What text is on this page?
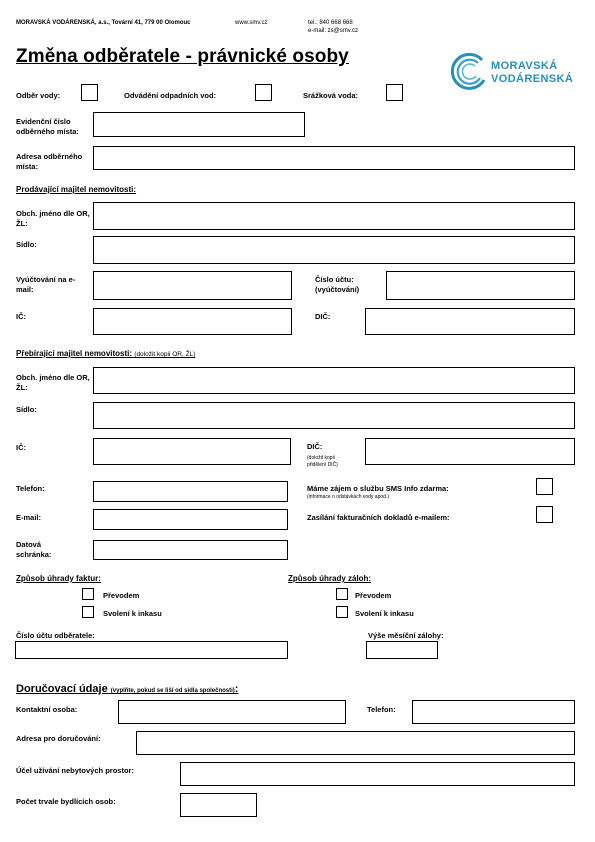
MORAVSKÁ VODÁRENSKÁ, a.s., Tovární 41, 779 00 Olomouc	www.smv.cz	tel.: 840 668 668
e-mail: zs@smv.cz
Změna odběratele - právnické osoby	MORAVSKÁ
VODÁRENSKÁ
Odběr vody:	Odvádění odpadních vod:	Srážková voda:
Evidenční číslo odběrného místa:
Adresa odběrného místa:
Prodávající majitel nemovitosti:
Obch. jméno dle OR, ŽL:
Sídlo:
Vyúčtování na e-mail:
Číslo účtu: (vyúčtování)
IČ:	DIČ:
Přebírající majitel nemovitosti: (doložit kopii OR, ŽL)
Obch. jméno dle OR, ŽL:
Sídlo:
IČ:	DIČ:
(doložit kopii přidělení DIČ)
Telefon:	Máme zájem o službu SMS Info zdarma:
(informace o odstávkách vody apod.)
E-mail:	Zasílání fakturačních dokladů e-mailem:
Datová schránka:
Způsob úhrady faktur:
Převodem
Svolení k inkasu
Způsob úhrady záloh:
Převodem
Svolení k inkasu
Číslo účtu odběratele:	Výše měsíční zálohy:
Doručovací údaje (vyplňte, pokud se liší od sídla společnosti):
Kontaktní osoba:	Telefon:
Adresa pro doručování:
Účel užívání nebytových prostor:
Počet trvale bydlících osob:
